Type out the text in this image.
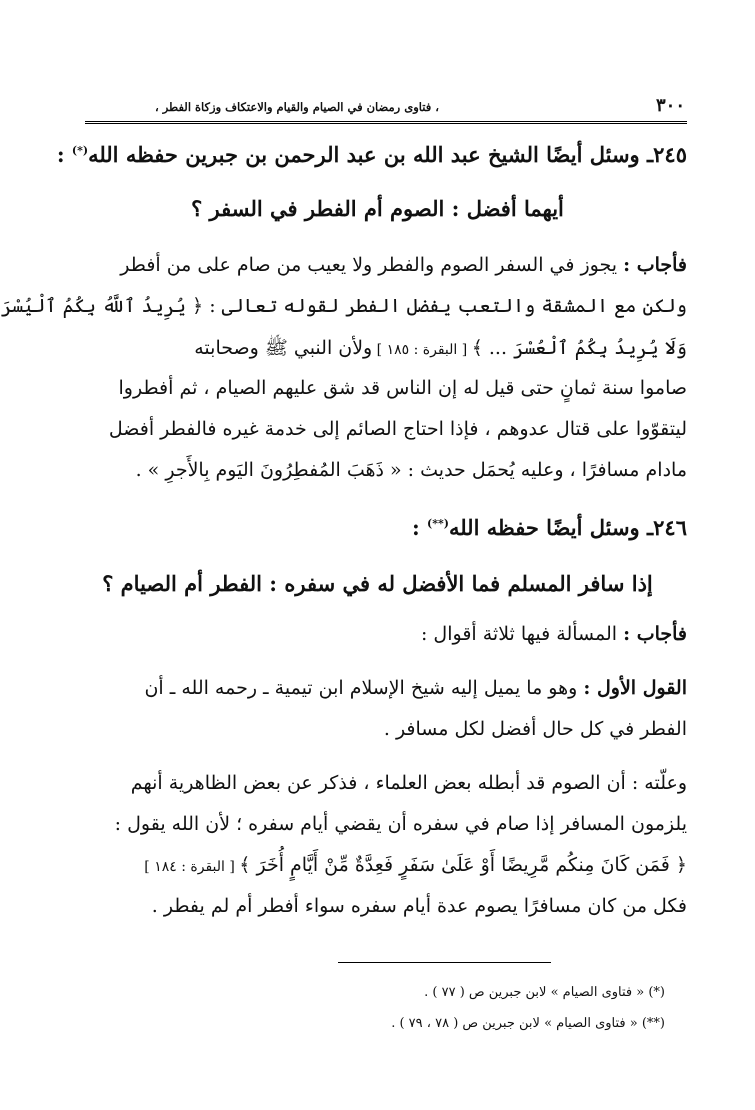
٣٠٠
، فتاوى رمضان في الصيام والقيام والاعتكاف وزكاة الفطر ،
٢٤٥ـ وسئل أيضًا الشيخ عبد الله بن عبد الرحمن بن جبرين حفظه الله(*) :
أيهما أفضل : الصوم أم الفطر في السفر ؟
فأجاب : يجوز في السفر الصوم والفطر ولا يعيب من صام على من أفطر
ولكن مع المشقة والتعب يفضل الفطر لقوله تعالى : ﴿ يُرِيدُ ٱللَّهُ بِكُمُ ٱلْيُسْرَ
وَلَا يُرِيدُ بِكُمُ ٱلْعُسْرَ ... ﴾ [ البقرة : ١٨٥ ] ولأن النبي ﷺ وصحابته
صاموا سنة ثمانٍ حتى قيل له إن الناس قد شق عليهم الصيام ، ثم أفطروا
ليتقوّوا على قتال عدوهم ، فإذا احتاج الصائم إلى خدمة غيره فالفطر أفضل
مادام مسافرًا ، وعليه يُحمَل حديث : « ذَهَبَ المُفطِرُونَ اليَوم بِالأَجرِ » .
٢٤٦ـ وسئل أيضًا حفظه الله(**) :
إذا سافر المسلم فما الأفضل له في سفره : الفطر أم الصيام ؟
فأجاب : المسألة فيها ثلاثة أقوال :
القول الأول : وهو ما يميل إليه شيخ الإسلام ابن تيمية ـ رحمه الله ـ أن
الفطر في كل حال أفضل لكل مسافر .
وعلّته : أن الصوم قد أبطله بعض العلماء ، فذكر عن بعض الظاهرية أنهم
يلزمون المسافر إذا صام في سفره أن يقضي أيام سفره ؛ لأن الله يقول :
﴿ فَمَن كَانَ مِنكُم مَّرِيضًا أَوْ عَلَىٰ سَفَرٍ فَعِدَّةٌ مِّنْ أَيَّامٍ أُخَرَ ﴾ [ البقرة : ١٨٤ ]
فكل من كان مسافرًا يصوم عدة أيام سفره سواء أفطر أم لم يفطر .
(*) « فتاوى الصيام » لابن جبرين ص ( ٧٧ ) .
(**) « فتاوى الصيام » لابن جبرين ص ( ٧٨ ، ٧٩ ) .
